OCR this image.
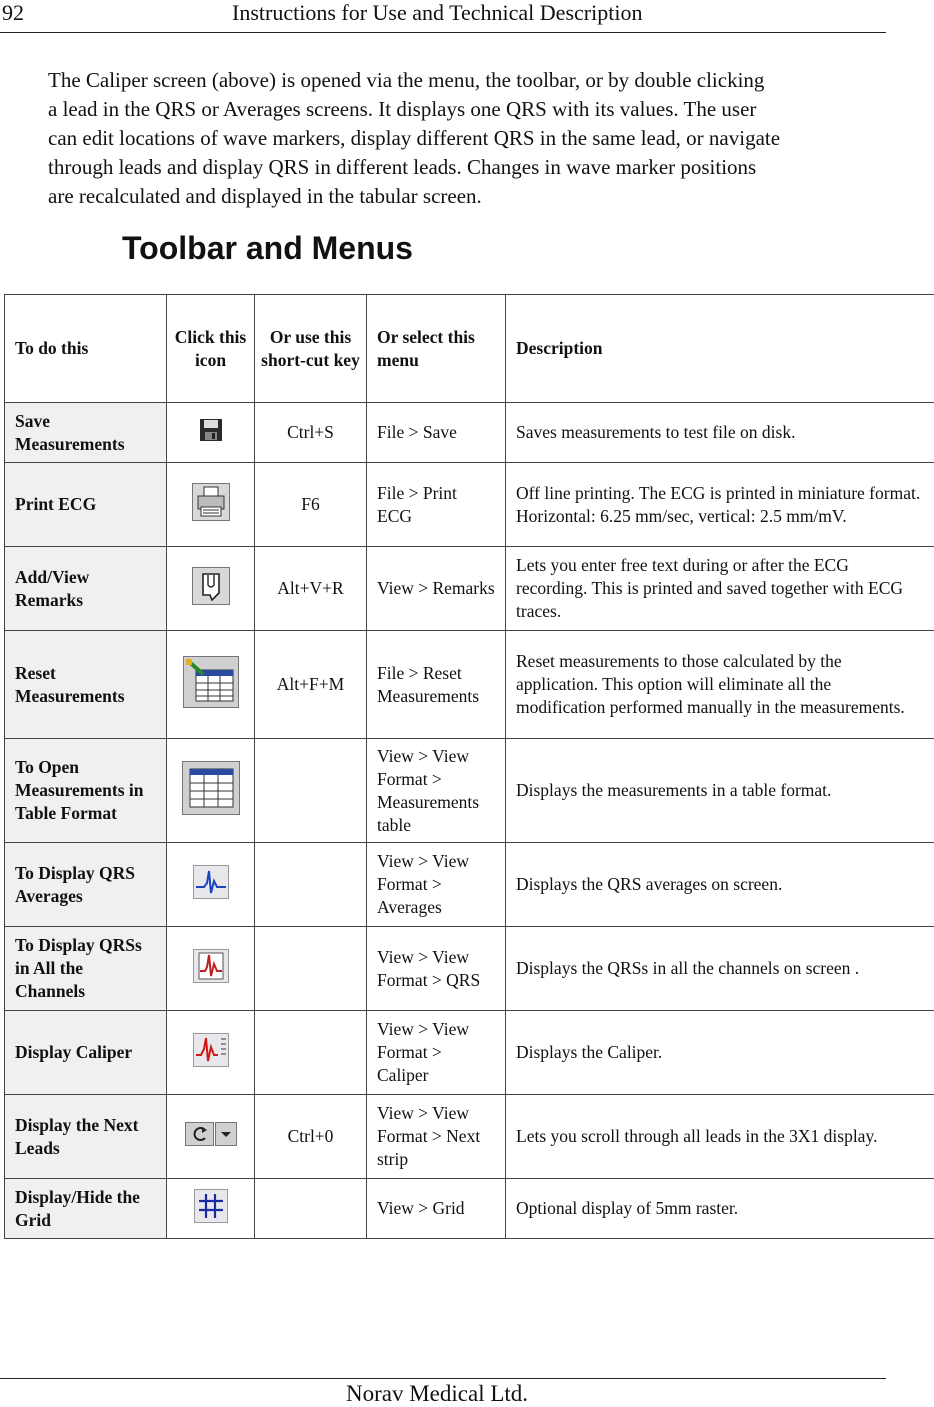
92	Instructions for Use and Technical Description
The Caliper screen (above) is opened via the menu, the toolbar, or by double clicking
a lead in the QRS or Averages screens. It displays one QRS with its values. The user
can edit locations of wave markers, display different QRS in the same lead, or navigate
through leads and display QRS in different leads. Changes in wave marker positions
are recalculated and displayed in the tabular screen.
Toolbar and Menus
To do this	Click this icon	Or use this short-cut key	Or select this menu	Description
Save Measurements		Ctrl+S	File > Save	Saves measurements to test file on disk.
Print ECG		F6	File > Print ECG	Off line printing. The ECG is printed in miniature format.
Horizontal: 6.25 mm/sec, vertical: 2.5 mm/mV.
Add/View Remarks		Alt+V+R	View > Remarks	Lets you enter free text during or after the ECG recording. This is printed and saved together with ECG traces.
Reset Measurements		Alt+F+M	File > Reset Measurements	Reset measurements to those calculated by the application. This option will eliminate all the modification performed manually in the measurements.
To Open Measurements in Table Format			View > View Format > Measurements table	Displays the measurements in a table format.
To Display QRS Averages			View > View Format > Averages	Displays the QRS averages on screen.
To Display QRSs in All the Channels			View > View Format > QRS	Displays the QRSs in all the channels on screen .
Display Caliper			View > View Format > Caliper	Displays the Caliper.
Display the Next Leads		Ctrl+0	View > View Format > Next strip	Lets you scroll through all leads in the 3X1 display.
Display/Hide the Grid			View > Grid	Optional display of 5mm raster.
Norav Medical Ltd.
